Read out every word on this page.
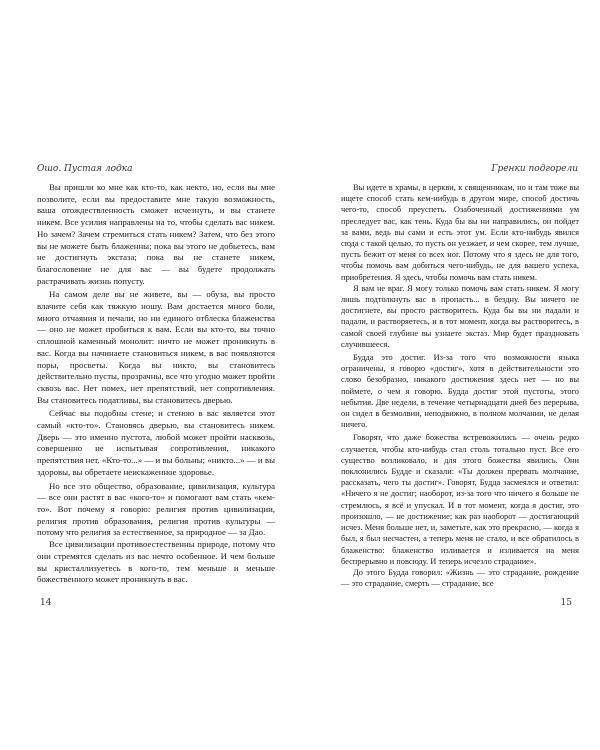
Ошо. Пустая лодка

Вы пришли ко мне как кто-то, как некто, но, если вы мне позволите, если вы предоставите мне такую возможность, ваша отождествленность сможет исчезнуть, и вы станете никем. Все усилия направлены на то, чтобы сделать вас никем. Но зачем? Зачем стремиться стать никем? Затем, что без этого вы не можете быть блаженны; пока вы этого не добьетесь, вам не достигнуть экстаза; пока вы не станете никем, благословение не для вас — вы будете продолжать растрачивать жизнь попусту.

На самом деле вы не живете, вы — обуза, вы просто влачите себя как тяжкую ношу. Вам достается много боли, много отчаяния и печали, но ни единого отблеска блаженства — оно не может пробиться к вам. Если вы кто-то, вы точно сплошной каменный монолит: ничто не может проникнуть в вас. Когда вы начинаете становиться никем, в вас появляются поры, просветы. Когда вы никто, вы становитесь действительно пусты, прозрачны, все что угодно может пройти сквозь вас. Нет помех, нет препятствий, нет сопротивления. Вы становитесь податливы, вы становитесь дверью.

Сейчас вы подобны стене; и стеною в вас является этот самый «кто-то». Становясь дверью, вы становитесь никем. Дверь — это именно пустота, любой может пройти насквозь, совершенно не испытывая сопротивления, никакого препятствия нет. «Кто-то...» — и вы больны; «никто...» — и вы здоровы, вы обретаете неискаженное здоровье.

Но все это общество, образование, цивилизация, культура — все они растят в вас «кого-то» и помогают вам стать «кем-то». Вот почему я говорю: религия против цивилизации, религия против образования, религия против культуры — потому что религия за естественное, за природное — за Дао.

Все цивилизации противоестественны природе, потому что они стремятся сделать из вас нечто особенное. И чем больше вы кристаллизуетесь в кого-то, тем меньше и меньше божественного может проникнуть в вас.

14
Гренки подгорели

Вы идете в храмы, в церкви, к священникам, но и там тоже вы ищете способ стать кем-нибудь в другом мире, способ достичь чего-то, способ преуспеть. Озабоченный достижениями ум преследует вас, как тень. Куда бы вы ни направились, он пойдет за вами, ведь вы сами и есть этот ум. Если кто-нибудь явился сюда с такой целью, то пусть он уезжает, и чем скорее, тем лучше, пусть бежит от меня со всех ног. Потому что я здесь не для того, чтобы помочь вам добиться чего-нибудь, не для вашего успеха, приобретения. Я здесь, чтобы помочь вам стать никем.

Я вам не враг. Я могу только помочь вам стать никем. Я могу лишь подтолкнуть вас в пропасть... в бездну. Вы ничего не достигнете, вы просто растворитесь. Куда бы вы ни падали и падали, и растворяетесь, и в тот момент, когда вы растворитесь, в самой своей глубине вы узнаете экстаз. Мир будет праздновать случившееся.

Будда это достиг. Из-за того что возможности языка ограничены, я говорю «достиг», хотя в действительности это слово безобразно, никакого достижения здесь нет — но вы поймете, о чем я говорю. Будда достиг этой пустоты, этого небытия. Две недели, в течение четырнадцати дней без перерыва, он сидел в безмолвии, неподвижно, в полном молчании, не делая ничего.

Говорят, что даже божества встревожились — очень редко случается, чтобы кто-нибудь стал столь тотально пуст. Все его существо возликовало, и для этого божества явились. Они поклонились Будде и сказали: «Ты должен прервать молчание, рассказать, чего ты достиг». Говорят, Будда засмеялся и ответил: «Ничего я не достиг; наоборот, из-за того что ничего я больше не стремлюсь, я всё и упускал. И в тот момент, когда я достиг, это произошло, — не достижение; как раз наоборот — достигающий исчез. Меня больше нет, и, заметьте, как это прекрасно, — когда я был, я был несчастен, а теперь меня не стало, и все обратилось в блаженство: блаженство изливается и изливается на меня беспрерывно и повсюду. И теперь исчезло страдание».

До этого Будда говорил: «Жизнь — это страдание, рождение — это страдание, смерть — страдание, все

15
